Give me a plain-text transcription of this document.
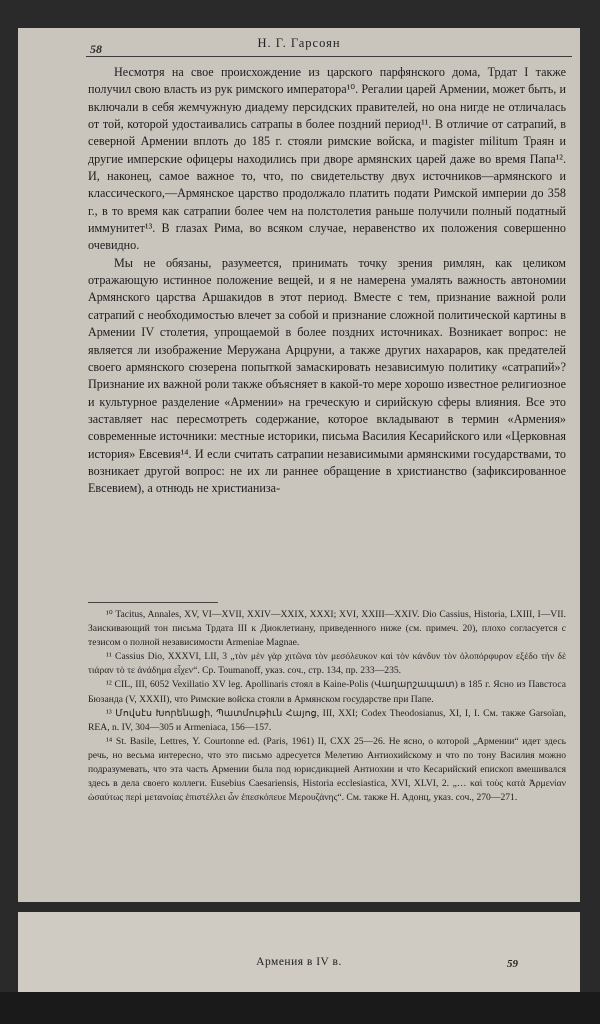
58	Н. Г. Гарсоян

Несмотря на свое происхождение из царского парфянского дома, Трдат I также получил свою власть из рук римского императора¹⁰. Регалии царей Армении, может быть, и включали в себя жемчужную диадему персидских правителей, но она нигде не отличалась от той, которой удостаивались сатрапы в более поздний период¹¹. В отличие от сатрапий, в северной Армении вплоть до 185 г. стояли римские войска, и magister militum Траян и другие имперские офицеры находились при дворе армянских царей даже во время Папа¹². И, наконец, самое важное то, что, по свидетельству двух источников—армянского и классического,—Армянское царство продолжало платить подати Римской империи до 358 г., в то время как сатрапии более чем на полстолетия раньше получили полный податный иммунитет¹³. В глазах Рима, во всяком случае, неравенство их положения совершенно очевидно.

Мы не обязаны, разумеется, принимать точку зрения римлян, как целиком отражающую истинное положение вещей, и я не намерена умалять важность автономии Армянского царства Аршакидов в этот период. Вместе с тем, признание важной роли сатрапий с необходимостью влечет за собой и признание сложной политической картины в Армении IV столетия, упрощаемой в более поздних источниках. Возникает вопрос: не является ли изображение Меружана Арцруни, а также других нахараров, как предателей своего армянского сюзерена попыткой замаскировать независимую политику «сатрапий»? Признание их важной роли также объясняет в какой-то мере хорошо известное религиозное и культурное разделение «Армении» на греческую и сирийскую сферы влияния. Все это заставляет нас пересмотреть содержание, которое вкладывают в термин «Армения» современные источники: местные историки, письма Василия Кесарийского или «Церковная история» Евсевия¹⁴. И если считать сатрапии независимыми армянскими государствами, то возникает другой вопрос: не их ли раннее обращение в христианство (зафиксированное Евсевием), а отнюдь не христианиза-

¹⁰ Tacitus, Annales, XV, VI—XVII, XXIV—XXIX, XXXI; XVI, XXIII—XXIV. Dio Cassius, Historia, LXIII, I—VII. Заискивающий тон письма Трдата III к Диоклетиану, приведенного ниже (см. примеч. 20), плохо согласуется с тезисом о полной независимости Armeniae Magnae.

¹¹ Cassius Dio, XXXVI, LII, 3 „τὸν μὲν γὰρ χιτῶνα τὸν μεσόλευκον καὶ τὸν κάνδυν τὸν ὁλοπόρφυρον εξέδο τὴν δὲ τιάραν τὸ τε ἀνάδημα εἶχεν“. Ср. Toumanoff, указ. соч., стр. 134, пр. 233—235.

¹² CIL, III, 6052 Vexillatio XV leg. Apollinaris стоял в Kaine-Polis (Վաղարշապատ) в 185 г. Ясно из Павстоса Бюзанда (V, XXXII), что Римские войска стояли в Армянском государстве при Папе.

¹³ Մովսէս Խորենացի, Պատմութիւն Հայոց, III, XXI; Codex Theodosianus, XI, I, I. См. также Garsoïan, REA, n. IV, 304—305 и Armeniaca, 156—157.

¹⁴ St. Basile, Lettres, Y. Courtonne ed. (Paris, 1961) II, CXX 25—26. Не ясно, о которой „Армении“ идет здесь речь, но весьма интересно, что это письмо адресуется Мелетию Антиохийскому и что по тону Василия можно подразумевать, что эта часть Армении была под юрисдикцией Антиохии и что Кесарийский епископ вмешивался здесь в дела своего коллеги. Eusebius Caesariensis, Historia ecclesiastica, XVI, XLVI, 2. „… καὶ τοὺς κατὰ Ἀρμενίαν ὡσαύτως περὶ μετανοίας ἐπιστέλλει ὧν ἐπεσκόπευε Μερουζάνης“. См. также Н. Адонц, указ. соч., 270—271.

Армения в IV в.	59
